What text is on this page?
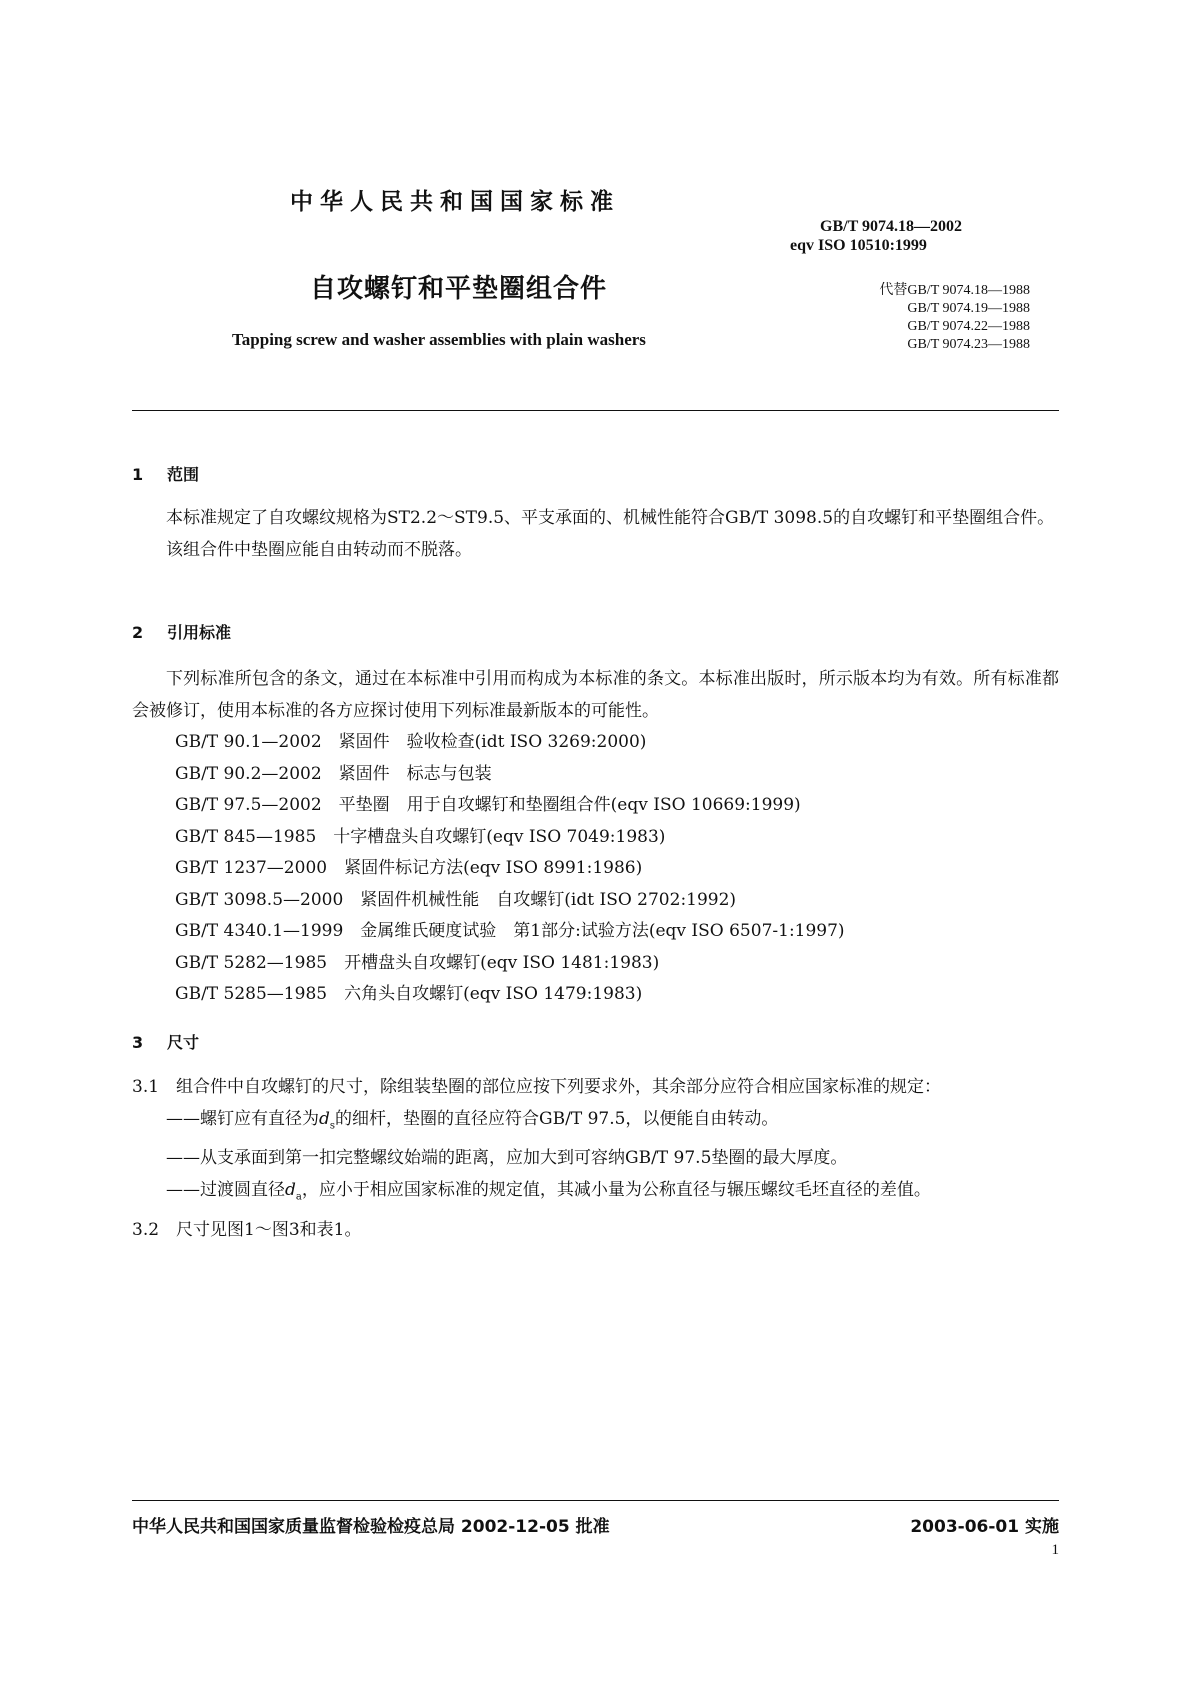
中华人民共和国国家标准
GB/T 9074.18—2002
eqv ISO 10510:1999
自攻螺钉和平垫圈组合件	代替GB/T 9074.18—1988
GB/T 9074.19—1988
GB/T 9074.22—1988
GB/T 9074.23—1988
Tapping screw and washer assemblies with plain washers
1 范围

本标准规定了自攻螺纹规格为ST2.2～ST9.5、平支承面的、机械性能符合GB/T 3098.5的自攻螺钉和平垫圈组合件。

该组合件中垫圈应能自由转动而不脱落。

2 引用标准

下列标准所包含的条文，通过在本标准中引用而构成为本标准的条文。本标准出版时，所示版本均为有效。所有标准都会被修订，使用本标准的各方应探讨使用下列标准最新版本的可能性。

GB/T 90.1—2002　紧固件　验收检查(idt ISO 3269:2000)
GB/T 90.2—2002　紧固件　标志与包装
GB/T 97.5—2002　平垫圈　用于自攻螺钉和垫圈组合件(eqv ISO 10669:1999)
GB/T 845—1985　十字槽盘头自攻螺钉(eqv ISO 7049:1983)
GB/T 1237—2000　紧固件标记方法(eqv ISO 8991:1986)
GB/T 3098.5—2000　紧固件机械性能　自攻螺钉(idt ISO 2702:1992)
GB/T 4340.1—1999　金属维氏硬度试验　第1部分:试验方法(eqv ISO 6507-1:1997)
GB/T 5282—1985　开槽盘头自攻螺钉(eqv ISO 1481:1983)
GB/T 5285—1985　六角头自攻螺钉(eqv ISO 1479:1983)
3 尺寸

3.1　 组合件中自攻螺钉的尺寸，除组装垫圈的部位应按下列要求外，其余部分应符合相应国家标准的规定：

——螺钉应有直径为$d_s$的细杆，垫圈的直径应符合GB/T 97.5，以便能自由转动。

——从支承面到第一扣完整螺纹始端的距离，应加大到可容纳GB/T 97.5垫圈的最大厚度。

——过渡圆直径$d_a$，应小于相应国家标准的规定值，其减小量为公称直径与辗压螺纹毛坯直径的差值。

3.2　 尺寸见图1～图3和表1。

中华人民共和国国家质量监督检验检疫总局 2002-12-05 批准	2003-06-01 实施
1
